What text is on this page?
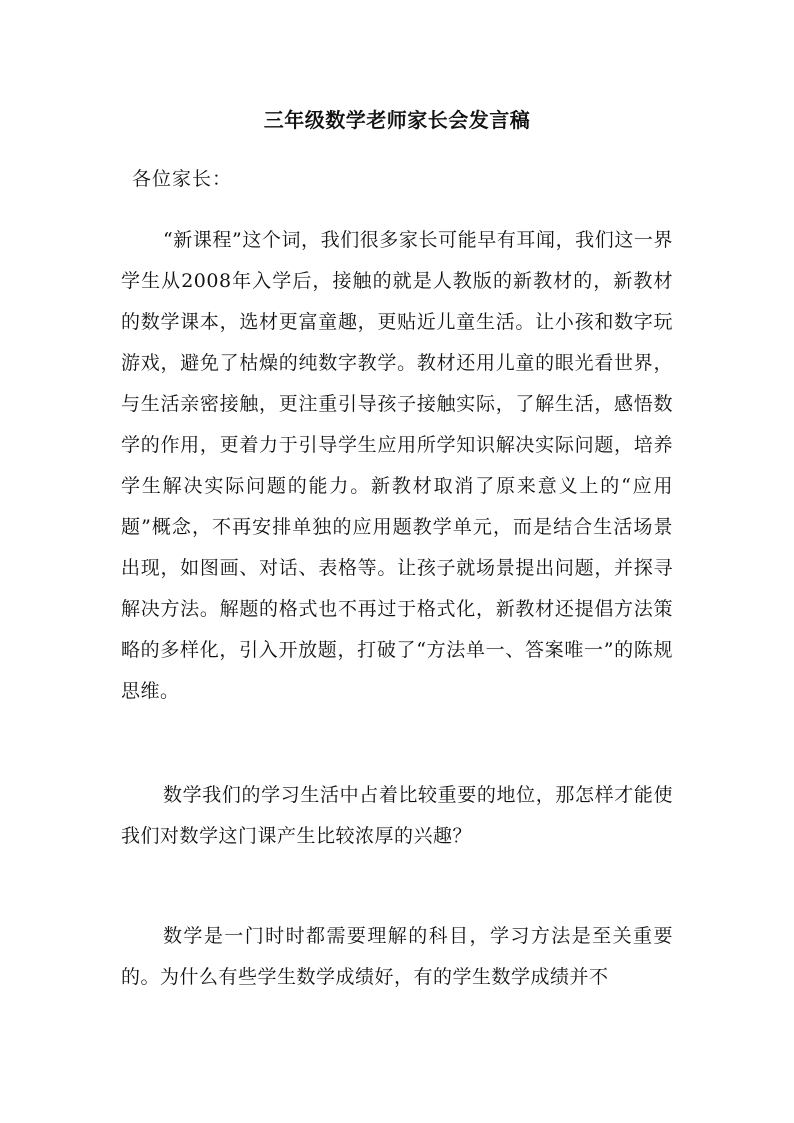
三年级数学老师家长会发言稿
各位家长：
“新课程”这个词，我们很多家长可能早有耳闻，我们这一界学生从2008年入学后，接触的就是人教版的新教材的，新教材的数学课本，选材更富童趣，更贴近儿童生活。让小孩和数字玩游戏，避免了枯燥的纯数字教学。教材还用儿童的眼光看世界，与生活亲密接触，更注重引导孩子接触实际，了解生活，感悟数学的作用，更着力于引导学生应用所学知识解决实际问题，培养学生解决实际问题的能力。新教材取消了原来意义上的“应用题”概念，不再安排单独的应用题教学单元，而是结合生活场景出现，如图画、对话、表格等。让孩子就场景提出问题，并探寻解决方法。解题的格式也不再过于格式化，新教材还提倡方法策略的多样化，引入开放题，打破了“方法单一、答案唯一”的陈规思维。
数学我们的学习生活中占着比较重要的地位，那怎样才能使我们对数学这门课产生比较浓厚的兴趣？
数学是一门时时都需要理解的科目，学习方法是至关重要的。为什么有些学生数学成绩好，有的学生数学成绩并不
